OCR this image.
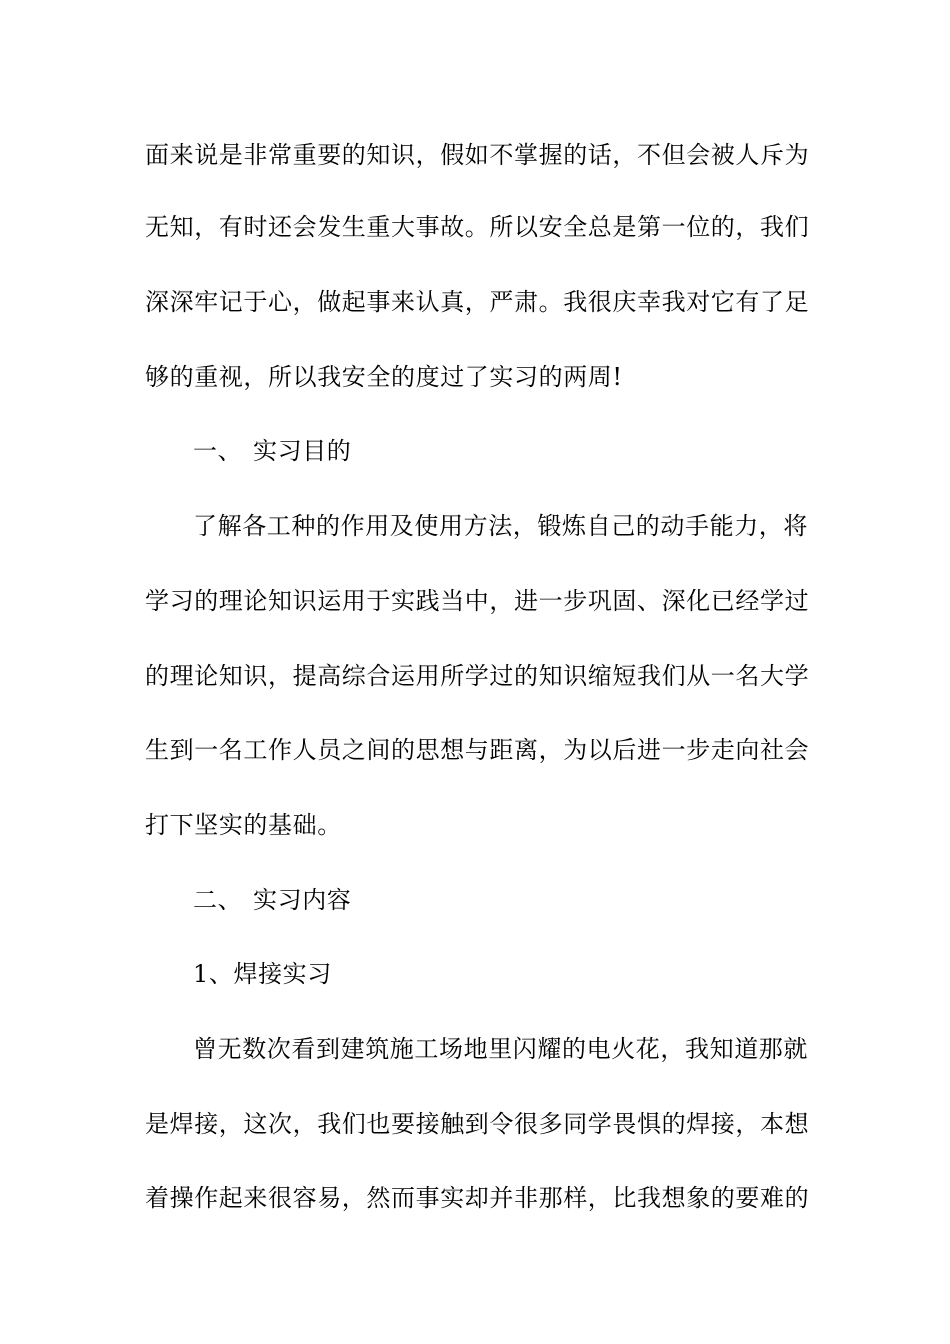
面来说是非常重要的知识，假如不掌握的话，不但会被人斥为
无知，有时还会发生重大事故。所以安全总是第一位的，我们
深深牢记于心，做起事来认真，严肃。我很庆幸我对它有了足
够的重视，所以我安全的度过了实习的两周!
一、 实习目的
了解各工种的作用及使用方法，锻炼自己的动手能力，将
学习的理论知识运用于实践当中，进一步巩固、深化已经学过
的理论知识，提高综合运用所学过的知识缩短我们从一名大学
生到一名工作人员之间的思想与距离，为以后进一步走向社会
打下坚实的基础。
二、 实习内容
1、焊接实习
曾无数次看到建筑施工场地里闪耀的电火花，我知道那就
是焊接，这次，我们也要接触到令很多同学畏惧的焊接，本想
着操作起来很容易，然而事实却并非那样，比我想象的要难的
